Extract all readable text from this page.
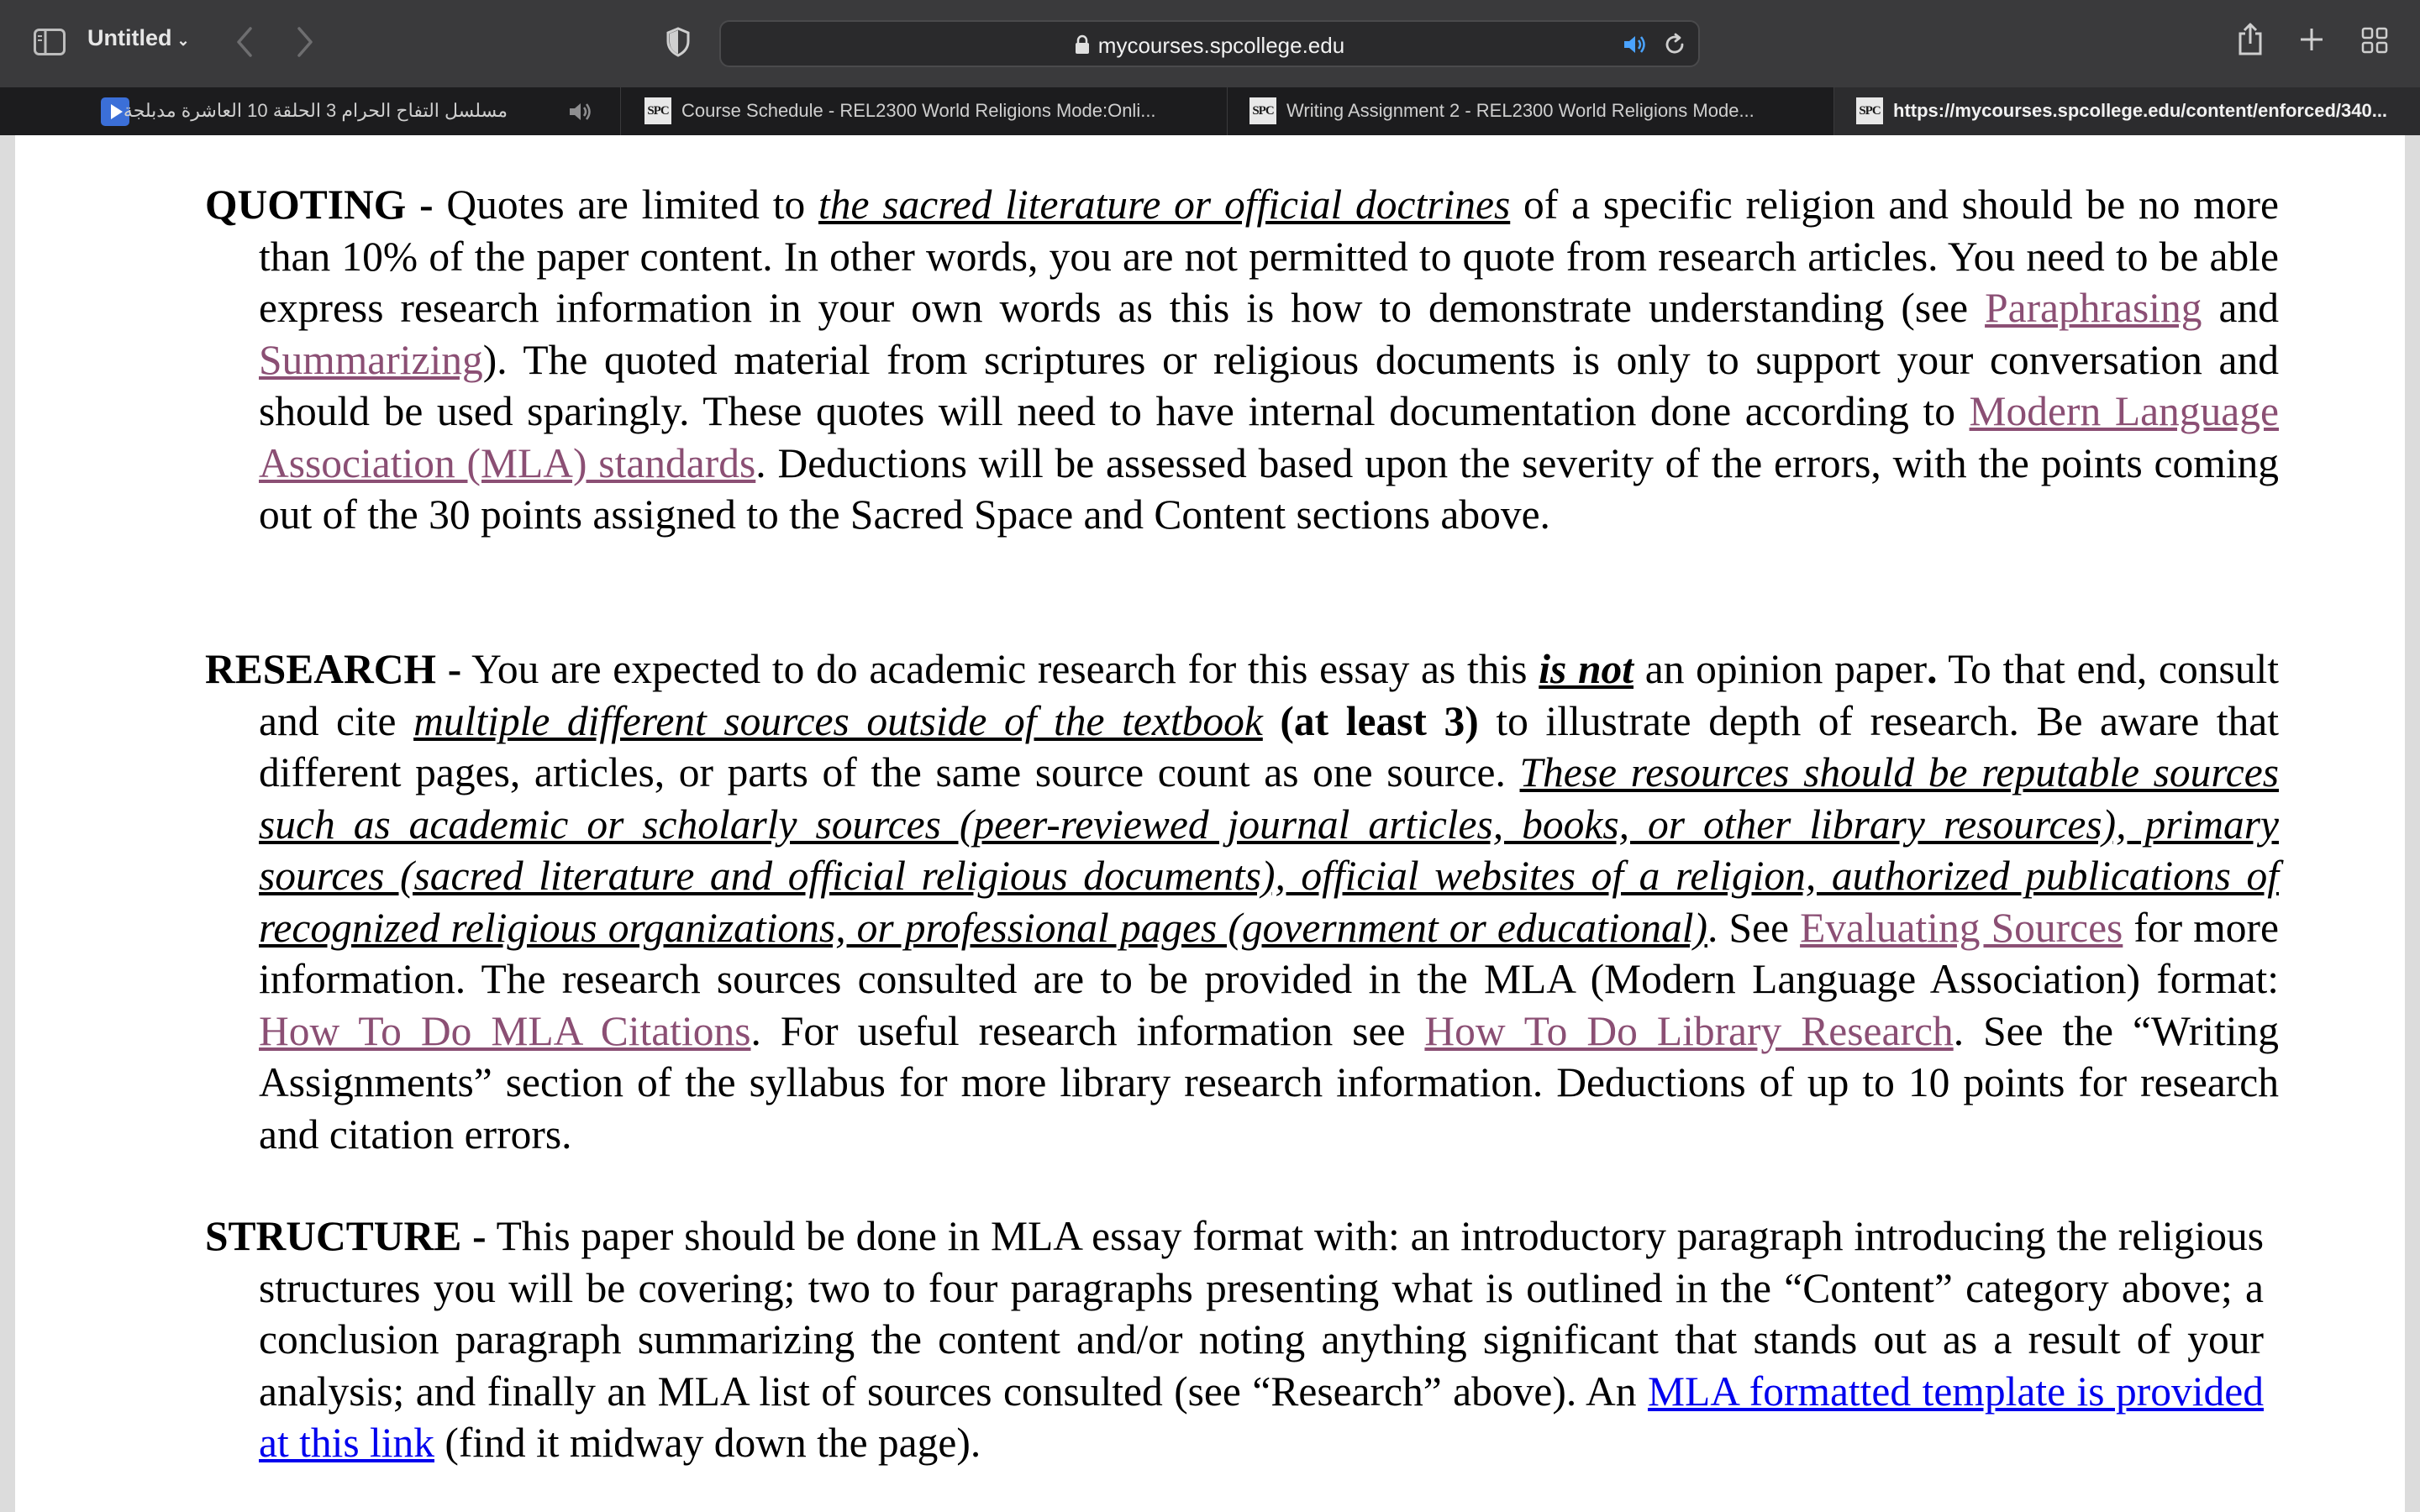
Untitled ⌄	mycourses.spcollege.edu
مسلسل التفاح الحرام 3 الحلقة 10 العاشرة مدبلجة	SPC Course Schedule - REL2300 World Religions Mode:Onli...	SPC Writing Assignment 2 - REL2300 World Religions Mode...	SPC https://mycourses.spcollege.edu/content/enforced/340...
QUOTING - Quotes are limited to the sacred literature or official doctrines of a specific religion and should be no more than 10% of the paper content. In other words, you are not permitted to quote from research articles. You need to be able express research information in your own words as this is how to demonstrate understanding (see Paraphrasing and Summarizing). The quoted material from scriptures or religious documents is only to support your conversation and should be used sparingly. These quotes will need to have internal documentation done according to Modern Language Association (MLA) standards. Deductions will be assessed based upon the severity of the errors, with the points coming out of the 30 points assigned to the Sacred Space and Content sections above.
RESEARCH - You are expected to do academic research for this essay as this is not an opinion paper. To that end, consult and cite multiple different sources outside of the textbook (at least 3) to illustrate depth of research. Be aware that different pages, articles, or parts of the same source count as one source. These resources should be reputable sources such as academic or scholarly sources (peer-reviewed journal articles, books, or other library resources), primary sources (sacred literature and official religious documents), official websites of a religion, authorized publications of recognized religious organizations, or professional pages (government or educational). See Evaluating Sources for more information. The research sources consulted are to be provided in the MLA (Modern Language Association) format: How To Do MLA Citations. For useful research information see How To Do Library Research. See the “Writing Assignments” section of the syllabus for more library research information. Deductions of up to 10 points for research and citation errors.
STRUCTURE - This paper should be done in MLA essay format with: an introductory paragraph introducing the religious structures you will be covering; two to four paragraphs presenting what is outlined in the “Content” category above; a conclusion paragraph summarizing the content and/or noting anything significant that stands out as a result of your analysis; and finally an MLA list of sources consulted (see “Research” above). An MLA formatted template is provided at this link (find it midway down the page).
